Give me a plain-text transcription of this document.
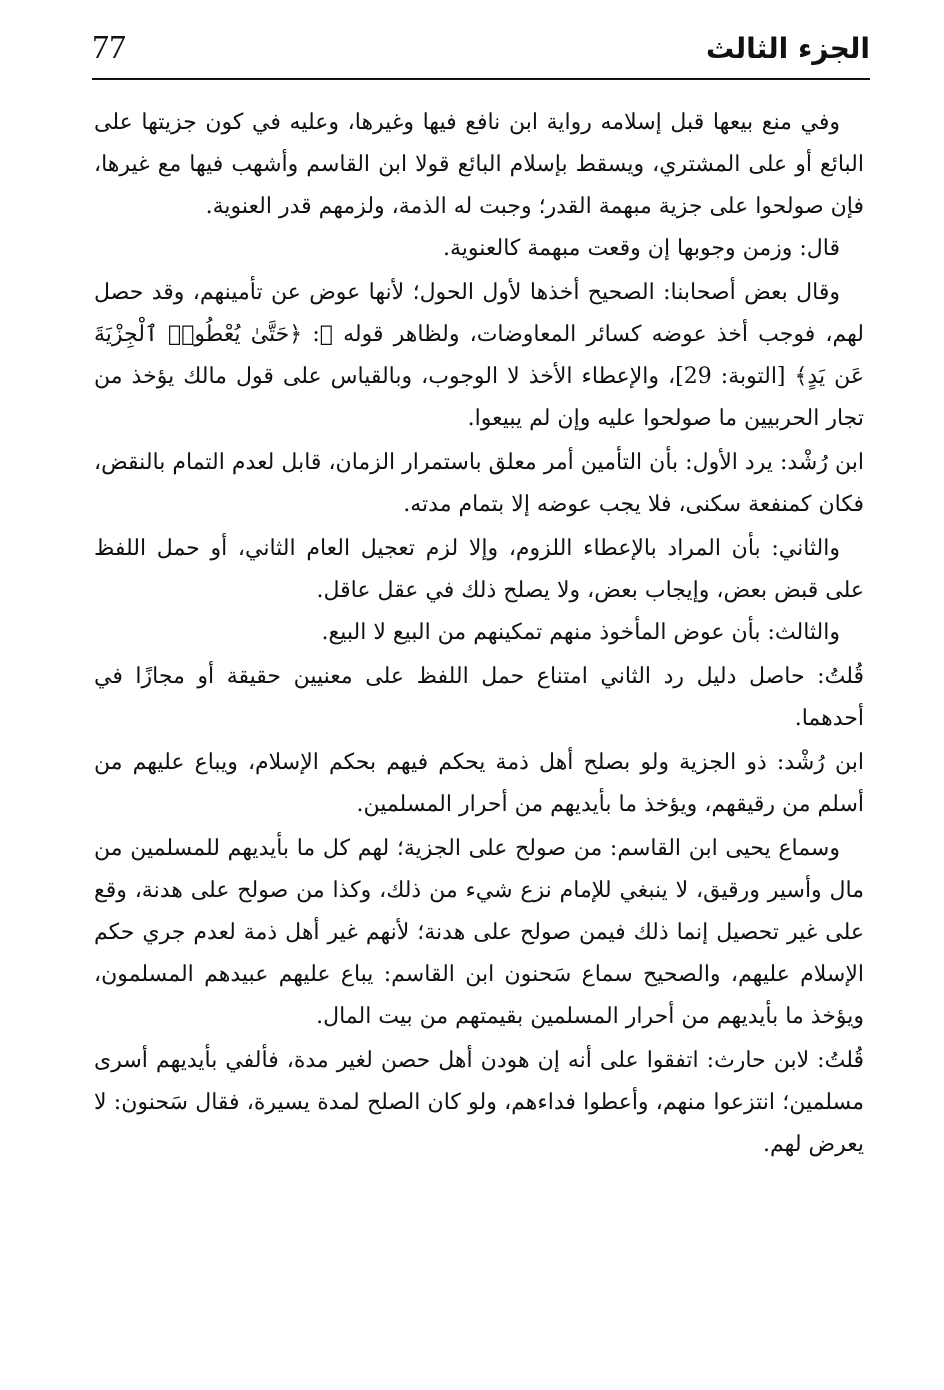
77	الجزء الثالث

وفي منع بيعها قبل إسلامه رواية ابن نافع فيها وغيرها، وعليه في كون جزيتها على البائع أو على المشتري، ويسقط بإسلام البائع قولا ابن القاسم وأشهب فيها مع غيرها، فإن صولحوا على جزية مبهمة القدر؛ وجبت له الذمة، ولزمهم قدر العنوية.

قال: وزمن وجوبها إن وقعت مبهمة كالعنوية.

وقال بعض أصحابنا: الصحيح أخذها لأول الحول؛ لأنها عوض عن تأمينهم، وقد حصل لهم، فوجب أخذ عوضه كسائر المعاوضات، ولظاهر قوله ﷺ: ﴿حَتَّىٰ يُعْطُوا۟ ٱلْجِزْيَةَ عَن يَدٍ﴾ [التوبة: 29]، والإعطاء الأخذ لا الوجوب، وبالقياس على قول مالك يؤخذ من تجار الحربيين ما صولحوا عليه وإن لم يبيعوا.

ابن رُشْد: يرد الأول: بأن التأمين أمر معلق باستمرار الزمان، قابل لعدم التمام بالنقض، فكان كمنفعة سكنى، فلا يجب عوضه إلا بتمام مدته.

والثاني: بأن المراد بالإعطاء اللزوم، وإلا لزم تعجيل العام الثاني، أو حمل اللفظ على قبض بعض، وإيجاب بعض، ولا يصلح ذلك في عقل عاقل.

والثالث: بأن عوض المأخوذ منهم تمكينهم من البيع لا البيع.

قُلتُ: حاصل دليل رد الثاني امتناع حمل اللفظ على معنيين حقيقة أو مجازًا في أحدهما.

ابن رُشْد: ذو الجزية ولو بصلح أهل ذمة يحكم فيهم بحكم الإسلام، ويباع عليهم من أسلم من رقيقهم، ويؤخذ ما بأيديهم من أحرار المسلمين.

وسماع يحيى ابن القاسم: من صولح على الجزية؛ لهم كل ما بأيديهم للمسلمين من مال وأسير ورقيق، لا ينبغي للإمام نزع شيء من ذلك، وكذا من صولح على هدنة، وقع على غير تحصيل إنما ذلك فيمن صولح على هدنة؛ لأنهم غير أهل ذمة لعدم جري حكم الإسلام عليهم، والصحيح سماع سَحنون ابن القاسم: يباع عليهم عبيدهم المسلمون، ويؤخذ ما بأيديهم من أحرار المسلمين بقيمتهم من بيت المال.

قُلتُ: لابن حارث: اتفقوا على أنه إن هودن أهل حصن لغير مدة، فألفي بأيديهم أسرى مسلمين؛ انتزعوا منهم، وأعطوا فداءهم، ولو كان الصلح لمدة يسيرة، فقال سَحنون: لا يعرض لهم.
